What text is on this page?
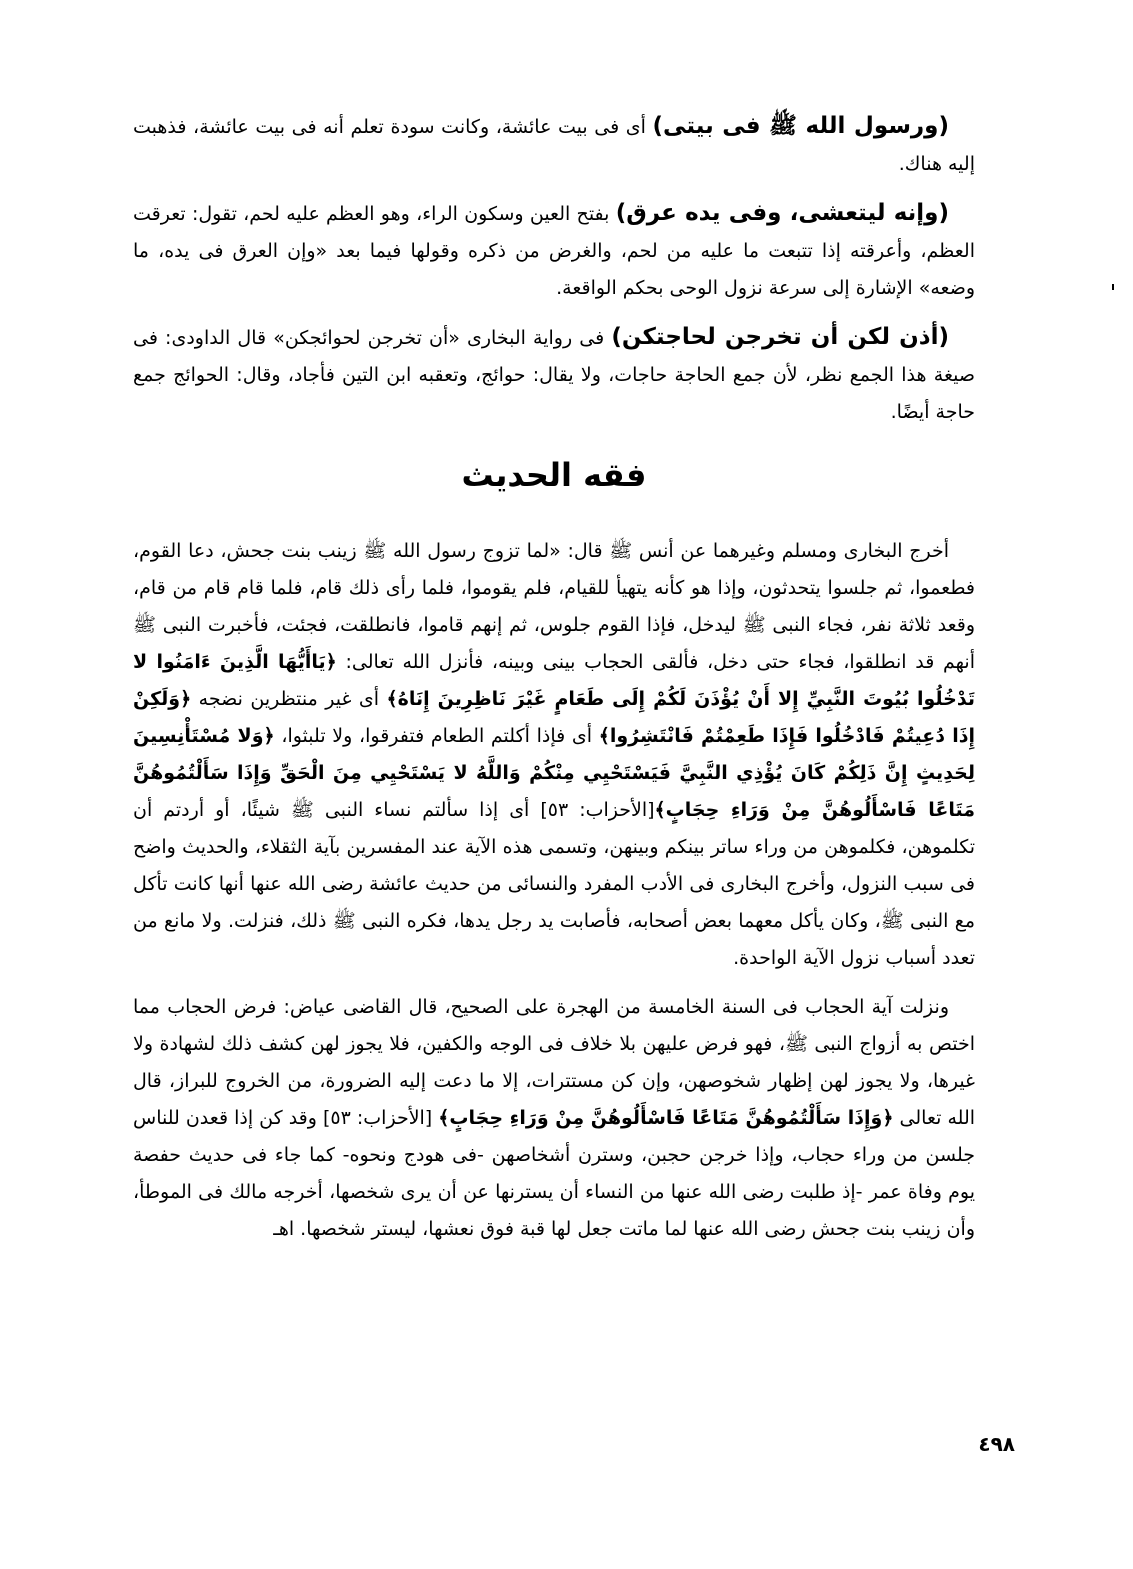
(ورسول الله ﷺ فى بيتى) أى فى بيت عائشة، وكانت سودة تعلم أنه فى بيت عائشة، فذهبت إليه هناك.

(وإنه ليتعشى، وفى يده عرق) بفتح العين وسكون الراء، وهو العظم عليه لحم، تقول: تعرقت العظم، وأعرقته إذا تتبعت ما عليه من لحم، والغرض من ذكره وقولها فيما بعد «وإن العرق فى يده، ما وضعه» الإشارة إلى سرعة نزول الوحى بحكم الواقعة.

(أذن لكن أن تخرجن لحاجتكن) فى رواية البخارى «أن تخرجن لحوائجكن» قال الداودى: فى صيغة هذا الجمع نظر، لأن جمع الحاجة حاجات، ولا يقال: حوائج، وتعقبه ابن التين فأجاد، وقال: الحوائج جمع حاجة أيضًا.

فقه الحديث

أخرج البخارى ومسلم وغيرهما عن أنس ﷺ قال: «لما تزوج رسول الله ﷺ زينب بنت جحش، دعا القوم، فطعموا، ثم جلسوا يتحدثون، وإذا هو كأنه يتهيأ للقيام، فلم يقوموا، فلما رأى ذلك قام، فلما قام قام من قام، وقعد ثلاثة نفر، فجاء النبى ﷺ ليدخل، فإذا القوم جلوس، ثم إنهم قاموا، فانطلقت، فجئت، فأخبرت النبى ﷺ أنهم قد انطلقوا، فجاء حتى دخل، فألقى الحجاب بينى وبينه، فأنزل الله تعالى: ﴿يَاأَيُّهَا الَّذِينَ ءَامَنُوا لا تَدْخُلُوا بُيُوتَ النَّبِيِّ إِلا أَنْ يُؤْذَنَ لَكُمْ إِلَى طَعَامٍ غَيْرَ نَاظِرِينَ إِنَاهُ﴾ أى غير منتظرين نضجه ﴿وَلَكِنْ إِذَا دُعِيتُمْ فَادْخُلُوا فَإِذَا طَعِمْتُمْ فَانْتَشِرُوا﴾ أى فإذا أكلتم الطعام فتفرقوا، ولا تلبثوا، ﴿وَلا مُسْتَأْنِسِينَ لِحَدِيثٍ إِنَّ ذَلِكُمْ كَانَ يُؤْذِي النَّبِيَّ فَيَسْتَحْيِي مِنْكُمْ وَاللَّهُ لا يَسْتَحْيِي مِنَ الْحَقِّ وَإِذَا سَأَلْتُمُوهُنَّ مَتَاعًا فَاسْأَلُوهُنَّ مِنْ وَرَاءِ حِجَابٍ﴾[الأحزاب: ٥٣] أى إذا سألتم نساء النبى ﷺ شيئًا، أو أردتم أن تكلموهن، فكلموهن من وراء ساتر بينكم وبينهن، وتسمى هذه الآية عند المفسرين بآية الثقلاء، والحديث واضح فى سبب النزول، وأخرج البخارى فى الأدب المفرد والنسائى من حديث عائشة رضى الله عنها أنها كانت تأكل مع النبى ﷺ، وكان يأكل معهما بعض أصحابه، فأصابت يد رجل يدها، فكره النبى ﷺ ذلك، فنزلت. ولا مانع من تعدد أسباب نزول الآية الواحدة.

ونزلت آية الحجاب فى السنة الخامسة من الهجرة على الصحيح، قال القاضى عياض: فرض الحجاب مما اختص به أزواج النبى ﷺ، فهو فرض عليهن بلا خلاف فى الوجه والكفين، فلا يجوز لهن كشف ذلك لشهادة ولا غيرها، ولا يجوز لهن إظهار شخوصهن، وإن كن مستترات، إلا ما دعت إليه الضرورة، من الخروج للبراز، قال الله تعالى ﴿وَإِذَا سَأَلْتُمُوهُنَّ مَتَاعًا فَاسْأَلُوهُنَّ مِنْ وَرَاءِ حِجَابٍ﴾ [الأحزاب: ٥٣] وقد كن إذا قعدن للناس جلسن من وراء حجاب، وإذا خرجن حجبن، وسترن أشخاصهن -فى هودج ونحوه- كما جاء فى حديث حفصة يوم وفاة عمر -إذ طلبت رضى الله عنها من النساء أن يسترنها عن أن يرى شخصها، أخرجه مالك فى الموطأ، وأن زينب بنت جحش رضى الله عنها لما ماتت جعل لها قبة فوق نعشها، ليستر شخصها. اهـ

٤٩٨
